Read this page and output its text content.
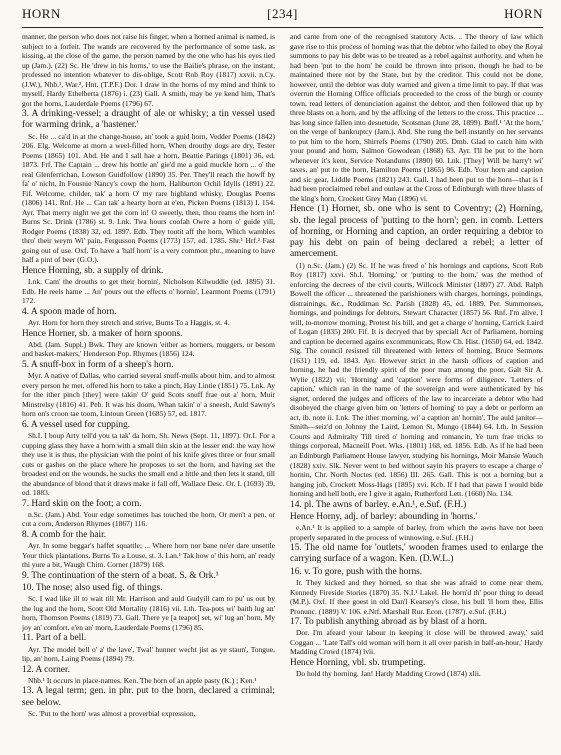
HORN	[234]	HORN

manner, the person who does not raise his finger, when a horned animal is named, is subject to a forfeit. The wands are recovered by the performance of some task, as kissing, at the close of the game, the person named by the one who has his eyes tied up (Jam.). (22) Sc. He 'drew in his horns,' to use the Bailie's phrase, on the instant, professed no intention whatever to dis-oblige, Scott Rob Roy (1817) xxvii. n.Cy. (J.W.), Nhb.¹, War.², Hnt. (T.P.F.) Dor. I draw in the horns of my mind and think to myself, Hardy Ethelberta (1876) i. (23) Gall. A smith, may be ye kend him, That's got the horns, Lauderdale Poems (1796) 67.

3. A drinking-vessel; a draught of ale or whisky; a tin vessel used for warming drink, a 'hastener.'

Sc. He ... ca'd in at the change-house, an' took a guid horn, Vedder Poems (1842) 206. Elg. Welcome at morn a weel-filled horn, When drouthy dogs are dry, Tester Poems (1865) 101. Abd. He and I sall hae a horn, Beattie Parings (1801) 36, ed. 1873. Frf. The Captain ... drew his bottle an' gie'd me a guid muckle horn ... o' the real Glenferrichan, Lowson Guidfollow (1890) 35. Per. They'll reach the howff by fa' o' nicht, In Fousnie Nancy's cowp the horn, Haliburton Ochil Idylls (1891) 22. Fif. Welcome, childer, tak' a horn O' my rare highland whisky, Douglas Poems (1806) 141. Rnf. He ... Can tak' a hearty horn at e'en, Picken Poems (1813) I. 154. Ayr. That merry night we get the corn in! O sweetly, then, thou reams the horn in! Burns Sc. Drink (1786) st. 9. Lnk. Twa hours coofah Owre a horn o' guide yill, Rodger Poems (1838) 32, ed. 1897. Edb. They toutit aff the horn, Which wambles thro' their weym Wi' pain, Fergusson Poems (1773) 157, ed. 1785. Shr.¹ Hrf.² Fast going out of use. Oxf. To have a 'half horn' is a very common phr., meaning to have half a pint of beer (G.O.).

Hence Horning, sb. a supply of drink.

Lnk. Cam' the drouths to get their hornin', Nicholson Kilwuddie (ed. 1895) 31. Edb. He reels hame ... An' pours out the effects o' hornin', Learmont Poems (1791) 172.

4. A spoon made of horn.

Ayr. Horn for horn they stretch and strive, Burns To a Haggis, st. 4.

Hence Horner, sb. a maker of horn spoons.

Abd. (Jam. Suppl.) Bwk. They are known 'either as horners, muggers, or besom and basket-makers,' Henderson Pop. Rhymes (1856) 124.

5. A snuff-box in form of a sheep's horn.

Myr. A native of Dallas, who carried several snuff-mulls about him, and to almost every person he met, offered his horn to take a pinch, Hay Lintie (1851) 75. Lnk. Ay for the ither pinch [they] were takin' O' guid Scots snuff frae out a' horn, Muir Minstrelsy (1816) 41. Peb. It was his doom, Whan takin' o' a sneesh, Auld Sawny's horn on's croon tae toom, Lintoun Green (1685) 57, ed. 1817.

6. A vessel used for cupping.

Sh.I. I boup Arty tell'd you ta tak' da horn, Sh. News (Sept. 11, 1897). Or.I. For a cupping glass they have a horn with a small thin skin at the lesser end: the way how they use it is thus, the physician with the point of his knife gives three or four small cuts or gashes on the place where he proposes to set the horn, and having set the broadest end on the wounds, he sucks the small end a little and then lets it stand, till the abundance of blood that it draws make it fall off, Wallace Desc. Or. I. (1693) 39, ed. 1883.

7. Hard skin on the foot; a corn.

n.Sc. (Jam.) Abd. Your edge sometimes has touched the horn, Or men't a pen, or cut a corn, Anderson Rhymes (1867) 116.

8. A comb for the hair.

Ayr. In some beggar's haffet squattle; ... Where horn nor bane ne'er dare unsettle Your thick plantations, Burns To a Louse, st. 3. Lan.¹ Tak how o' this horn, an' ready thi yure a bit, Waugh Chim. Corner (1879) 168.

9. The continuation of the stern of a boat. S. & Ork.¹

10. The nose; also used fig. of things.

Sc. I wad like ill to wait till Mr. Harrison and auld Gudyill cam to pu' us out by the lug and the horn, Scott Old Mortality (1816) vii. Lth. Tea-pots wi' baith lug an' horn, Thomson Poems (1819) 73. Gall. There ye [a teapot] set, wi' lug an' horn, My joy an' comfort, e'en an' morn, Lauderdale Poems (1796) 85.

11. Part of a bell.

Ayr. The model bell o' a' the lave', Twal' hunner wecht jist as ye staun', Tongue, lip, an' horn, Laing Poems (1894) 79.

12. A corner.

Nhb.¹ It occurs in place-names. Ken. The horn of an apple pasty (K.) ; Ken.¹

13. A legal term; gen. in phr. put to the horn, declared a criminal; see below.

Sc. 'Put to the horn' was almost a proverbial expression,

and came from one of the recognised statutory Acts. .. The theory of law which gave rise to this process of horning was that the debtor who failed to obey the Royal summons to pay his debt was to be treated as a rebel against authority, and when he had been 'put to the horn' he could be thrown into prison, though he had to be maintained there not by the State, but by the creditor. This could not be done, however, until the debtor was duly warned and given a time limit to pay. If that was overrun the Horning Office officials proceeded to the cross of the burgh or county town, read letters of denunciation against the debtor, and then followed that up by three blasts on a horn, and by the affixing of the letters to the cross. This practice ... has long since fallen into desuetude, Scotsman (June 28, 1899). Bnff.¹ 'At the horn,' on the verge of bankruptcy (Jam.). Abd. She rung the bell instantly on her servants to put him to the horn, Shirrefs Poems (1790) 205. Dmb. Glad to catch him with your pound and horn, Salmon Gowodean (1868) 63. Ayr. I'll be put to the horn whenever it's kent, Service Notandums (1890) 60. Lnk. [They] Will be harry't wi' taxes, an' put to the horn, Hamilton Poems (1865) 96. Edb. Your horn and caption and sic gear, Liddle Poems (1821) 243. Gall. I had been put to the horn—that is I had been proclaimed rebel and outlaw at the Cross of Edinburgh with three blasts of the king's horn, Crockett Grey Man (1896) vi.

Hence (1) Horner, sb. one who is sent to Coventry; (2) Horning, sb. the legal process of 'putting to the horn'; gen. in comb. Letters of horning, or Horning and caption, an order requiring a debtor to pay his debt on pain of being declared a rebel; a letter of amercement.

(1) n.Sc. (Jam.) (2) Sc. If he was freed o' his hornings and captions, Scott Rob Roy (1817) xxvi. Sh.I. 'Horning,' or 'putting to the horn,' was the method of enforcing the decrees of the civil courts, Willcock Minister (1897) 27. Abd. Ralph Bowell the officer ... threatened the parishioners with charges, hornings, poindings, distrainings, &c., Ruddiman Sc. Parish (1828) 45, ed. 1889. Per. Summonses, hornings, and poindings for debtors, Stewart Character (1857) 56. Rnf. I'm alive, I will, to-morrow morning, Protest his bill, and get a charge o' horning, Carrick Laird of Logan (1835) 200. Fif. It is decryed that by speciall Act of Parliament, horning and caption be decerned agains excommunicats, Row Ch. Hist. (1650) 64, ed. 1842. Slg. The council resisted till threatened with letters of horning, Bruce Sermons (1631) 119, ed. 1843. Ayr. However strict in the harsh offices of caption and horning, he had the friendly spirit of the poor man among the poor, Galt Sir A. Wylie (1822) vii; 'Horning' and 'caption' were forms of diligence. 'Letters of caption,' which ran in the name of the sovereign and were authenticated by his signet, ordered the judges and officers of the law to incarcerate a debtor who had disobeyed the charge given him on 'letters of horning' to pay a debt or perform an act, ib. note ii. Lnk. The ither morning, wi' a caption an' hornin', The auld janitor—Smith—seiz'd on Johnny the Laird, Lemon St. Mungo (1844) 64. Lth. In Session Courts and Admiralty Till tired o' horning and romancin, Ye turn frae tricks to things corporeal, Macneill Poet. Wks. (1801) 168, ed. 1856. Edb. As if he had been an Edinburgh Parliament House lawyer, studying his hornings, Moir Mansie Wauch (1828) xxiv. Slk. Never went to bed without sayin his prayers to escape a charge o' hornin, Chr. North Noctes (ed. 1856) III. 265. Gall. This is not a horning but a hanging job, Crockett Moss-Hags (1895) xvi. Kcb. If I had that pawn I would bide horning and hell both, ere I give it again, Rutherford Lett. (1660) No. 134.

14. pl. The awns of barley. e.An.¹, e.Suf. (F.H.)

Hence Horny, adj. of barley: abounding in 'horns.'

e.An.¹ It is applied to a sample of barley, from which the awns have not been properly separated in the process of winnowing. e.Suf. (F.H.)

15. The old name for 'outlets,' wooden frames used to enlarge the carrying surface of a wagon. Ken. (D.W.L.)

16. v. To gore, push with the horns.

Ir. They kicked and they horned, so that she was afraid to come near them, Kennedy Fireside Stories (1870) 35. N.I.¹ Lakel. He horn'd th' poor thing to deead (M.P.). Oxf. If thee goest in old Dan'l Kearsey's close, his bull 'll horn thee, Ellis Pronunc. (1889) V. 106. e.Nrf. Marshall Rur. Econ. (1787). e.Suf. (F.H.)

17. To publish anything abroad as by blast of a horn.

Dor. I'm afeard your labour in keeping it close will be throwed away,' said Coggan ... 'Late Tall's old woman will horn it all over parish in half-an-hour,' Hardy Madding Crowd (1874) lvii.

Hence Horning, vbl. sb. trumpeting.

Do hold thy horning. Jan! Hardy Madding Crowd (1874) xlii.
